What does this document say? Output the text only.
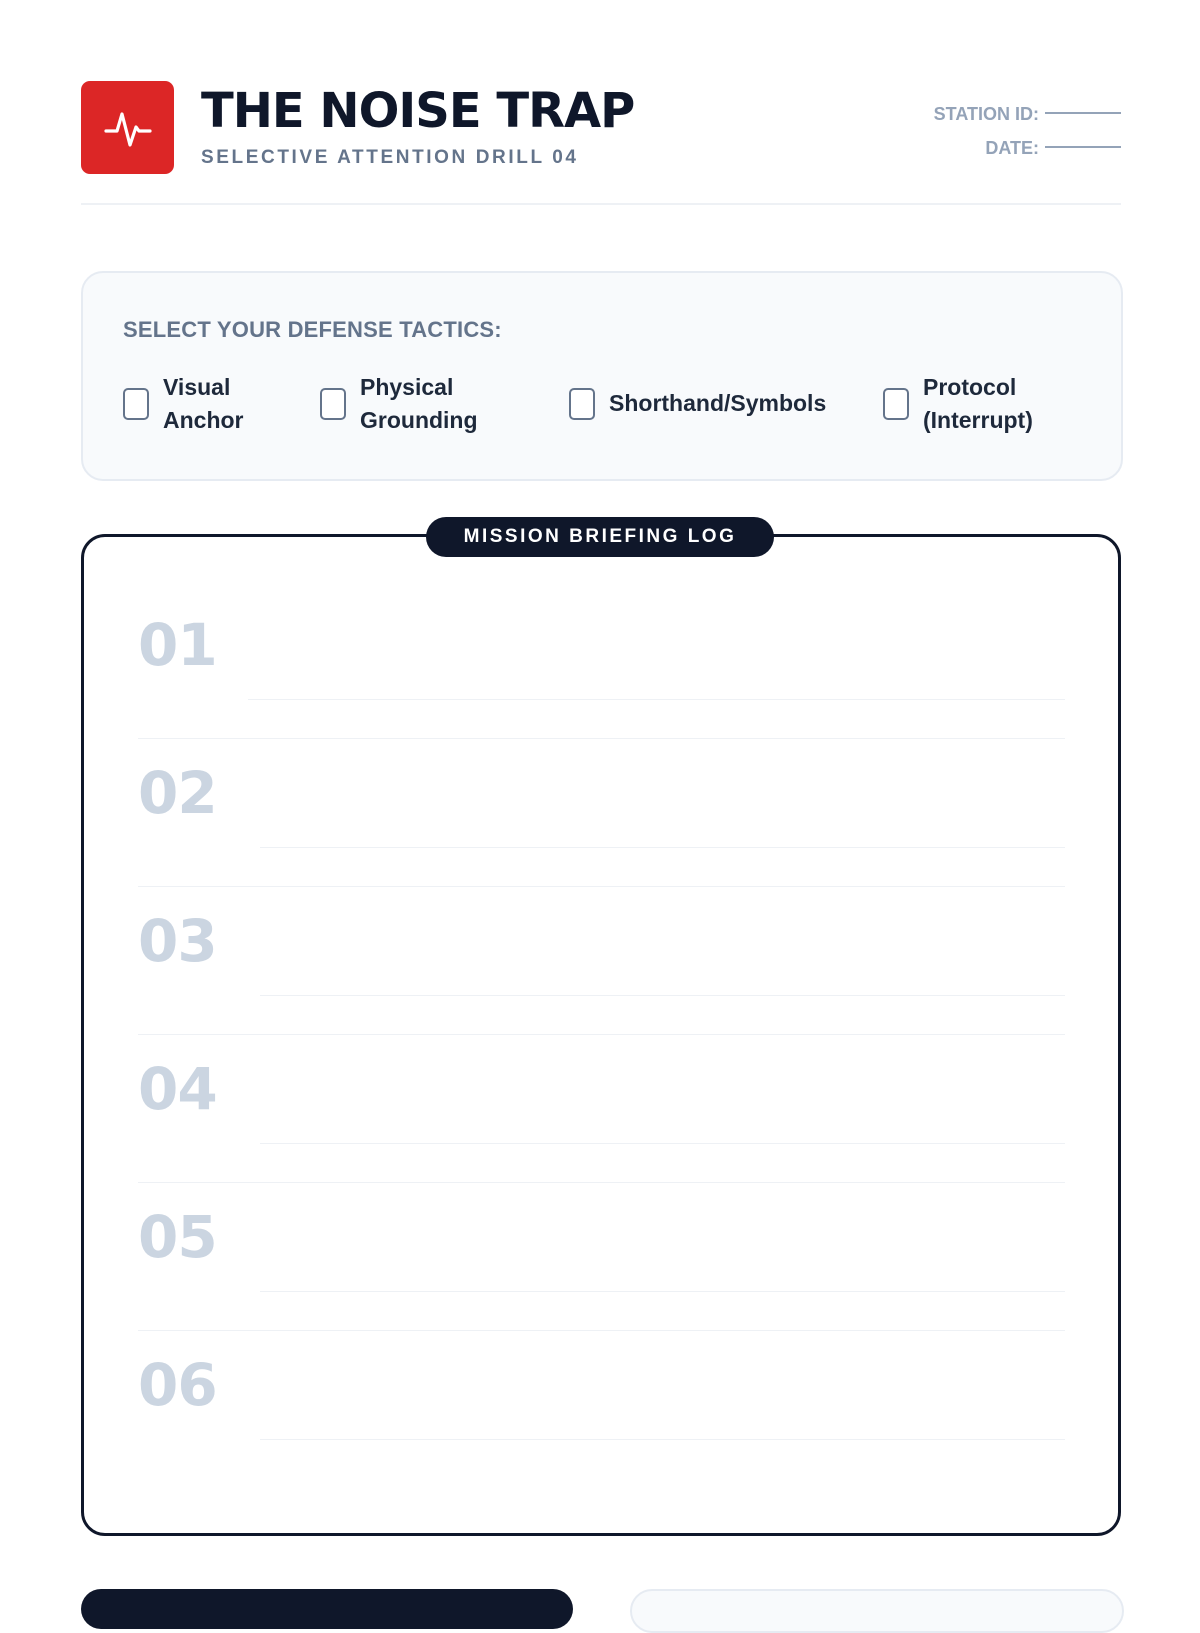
THE NOISE TRAP
SELECTIVE ATTENTION DRILL 04
STATION ID:
DATE:
SELECT YOUR DEFENSE TACTICS:
Visual
Anchor
Physical
Grounding
Shorthand/Symbols
Protocol
(Interrupt)
MISSION BRIEFING LOG
01
02
03
04
05
06
